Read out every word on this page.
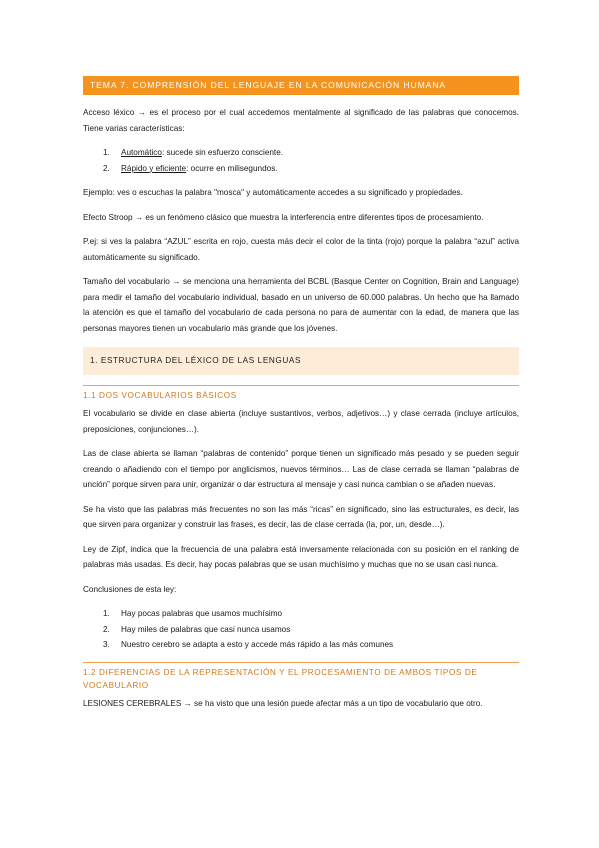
TEMA 7. COMPRENSIÓN DEL LENGUAJE EN LA COMUNICACIÓN HUMANA

Acceso léxico → es el proceso por el cual accedemos mentalmente al significado de las palabras que conocemos. Tiene varias características:

1. Automático: sucede sin esfuerzo consciente.
2. Rápido y eficiente: ocurre en milisegundos.

Ejemplo: ves o escuchas la palabra "mosca" y automáticamente accedes a su significado y propiedades.

Efecto Stroop → es un fenómeno clásico que muestra la interferencia entre diferentes tipos de procesamiento.

P.ej: si ves la palabra “AZUL” escrita en rojo, cuesta más decir el color de la tinta (rojo) porque la palabra “azul” activa automáticamente su significado.

Tamaño del vocabulario → se menciona una herramienta del BCBL (Basque Center on Cognition, Brain and Language) para medir el tamaño del vocabulario individual, basado en un universo de 60.000 palabras. Un hecho que ha llamado la atención es que el tamaño del vocabulario de cada persona no para de aumentar con la edad, de manera que las personas mayores tienen un vocabulario más grande que los jóvenes.

1. ESTRUCTURA DEL LÉXICO DE LAS LENGUAS
1.1 DOS VOCABULARIOS BÁSICOS

El vocabulario se divide en clase abierta (incluye sustantivos, verbos, adjetivos…) y clase cerrada (incluye artículos, preposiciones, conjunciones…).

Las de clase abierta se llaman “palabras de contenido” porque tienen un significado más pesado y se pueden seguir creando o añadiendo con el tiempo por anglicismos, nuevos términos… Las de clase cerrada se llaman “palabras de unción” porque sirven para unir, organizar o dar estructura al mensaje y casi nunca cambian o se añaden nuevas.

Se ha visto que las palabras más frecuentes no son las más “ricas” en significado, sino las estructurales, es decir, las que sirven para organizar y construir las frases, es decir, las de clase cerrada (la, por, un, desde…).

Ley de Zipf, indica que la frecuencia de una palabra está inversamente relacionada con su posición en el ranking de palabras más usadas. Es decir, hay pocas palabras que se usan muchísimo y muchas que no se usan casi nunca.

Conclusiones de esta ley:

1. Hay pocas palabras que usamos muchísimo
2. Hay miles de palabras que casi nunca usamos
3. Nuestro cerebro se adapta a esto y accede más rápido a las más comunes
1.2 DIFERENCIAS DE LA REPRESENTACIÓN Y EL PROCESAMIENTO DE AMBOS TIPOS DE VOCABULARIO

LESIONES CEREBRALES → se ha visto que una lesión puede afectar más a un tipo de vocabulario que otro.
